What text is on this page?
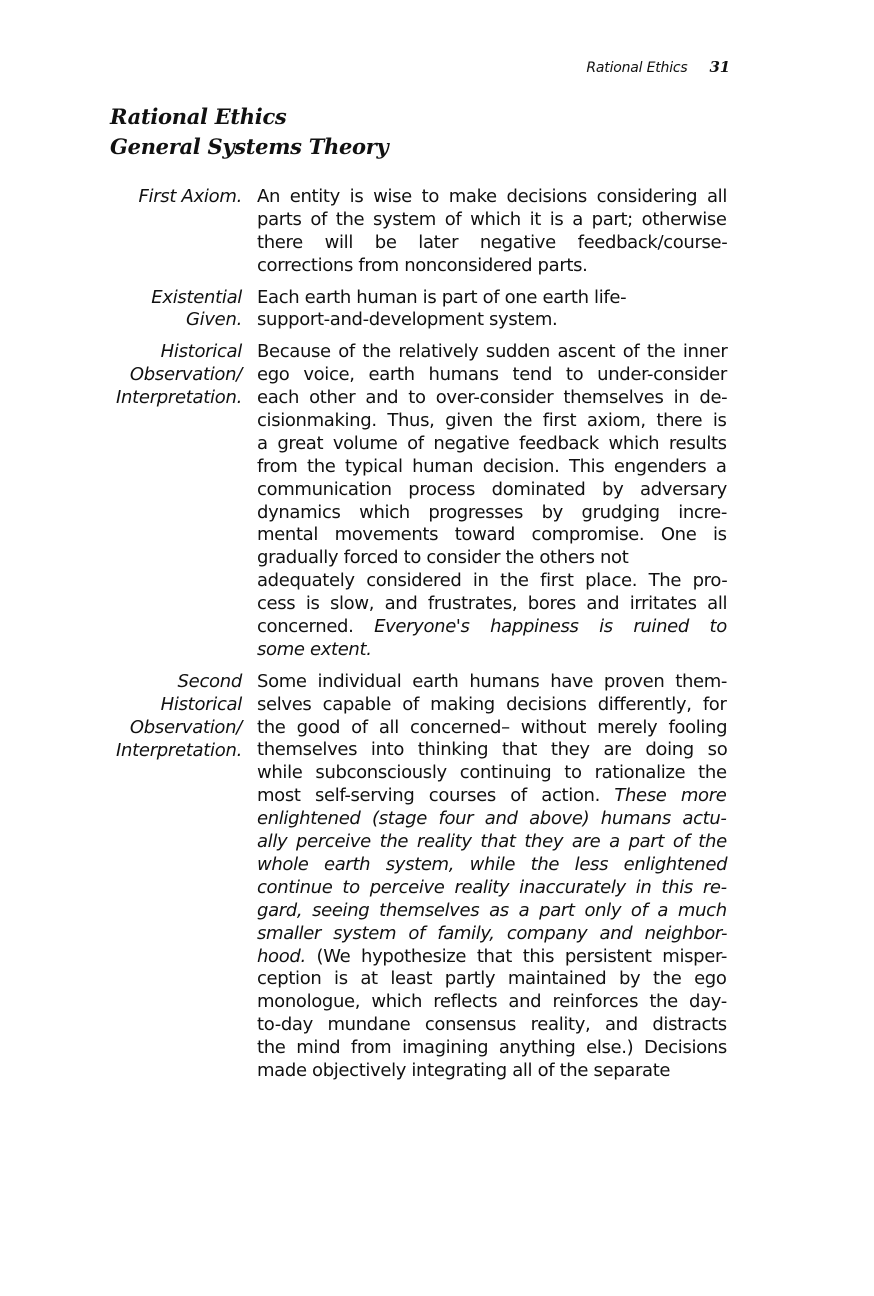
Rational Ethics 31
Rational Ethics
General Systems Theory
First Axiom. An entity is wise to make decisions considering all
parts of the system of which it is a part; otherwise
there will be later negative feedback/course-
corrections from nonconsidered parts.
Existential
Given.
Each earth human is part of one earth life-
support-and-development system.
Historical
Observation/
Interpretation.
Because of the relatively sudden ascent of the inner
ego voice, earth humans tend to under-consider
each other and to over-consider themselves in de-
cisionmaking. Thus, given the first axiom, there is
a great volume of negative feedback which results
from the typical human decision. This engenders a
communication process dominated by adversary
dynamics which progresses by grudging incre-
mental movements toward compromise. One is
gradually forced to consider the others not
adequately considered in the first place. The pro-
cess is slow, and frustrates, bores and irritates all
concerned. Everyone's happiness is ruined to
some extent.
Second
Historical
Observation/
Interpretation.
Some individual earth humans have proven them-
selves capable of making decisions differently, for
the good of all concerned– without merely fooling
themselves into thinking that they are doing so
while subconsciously continuing to rationalize the
most self-serving courses of action. These more
enlightened (stage four and above) humans actu-
ally perceive the reality that they are a part of the
whole earth system, while the less enlightened
continue to perceive reality inaccurately in this re-
gard, seeing themselves as a part only of a much
smaller system of family, company and neighbor-
hood. (We hypothesize that this persistent misper-
ception is at least partly maintained by the ego
monologue, which reflects and reinforces the day-
to-day mundane consensus reality, and distracts
the mind from imagining anything else.) Decisions
made objectively integrating all of the separate
